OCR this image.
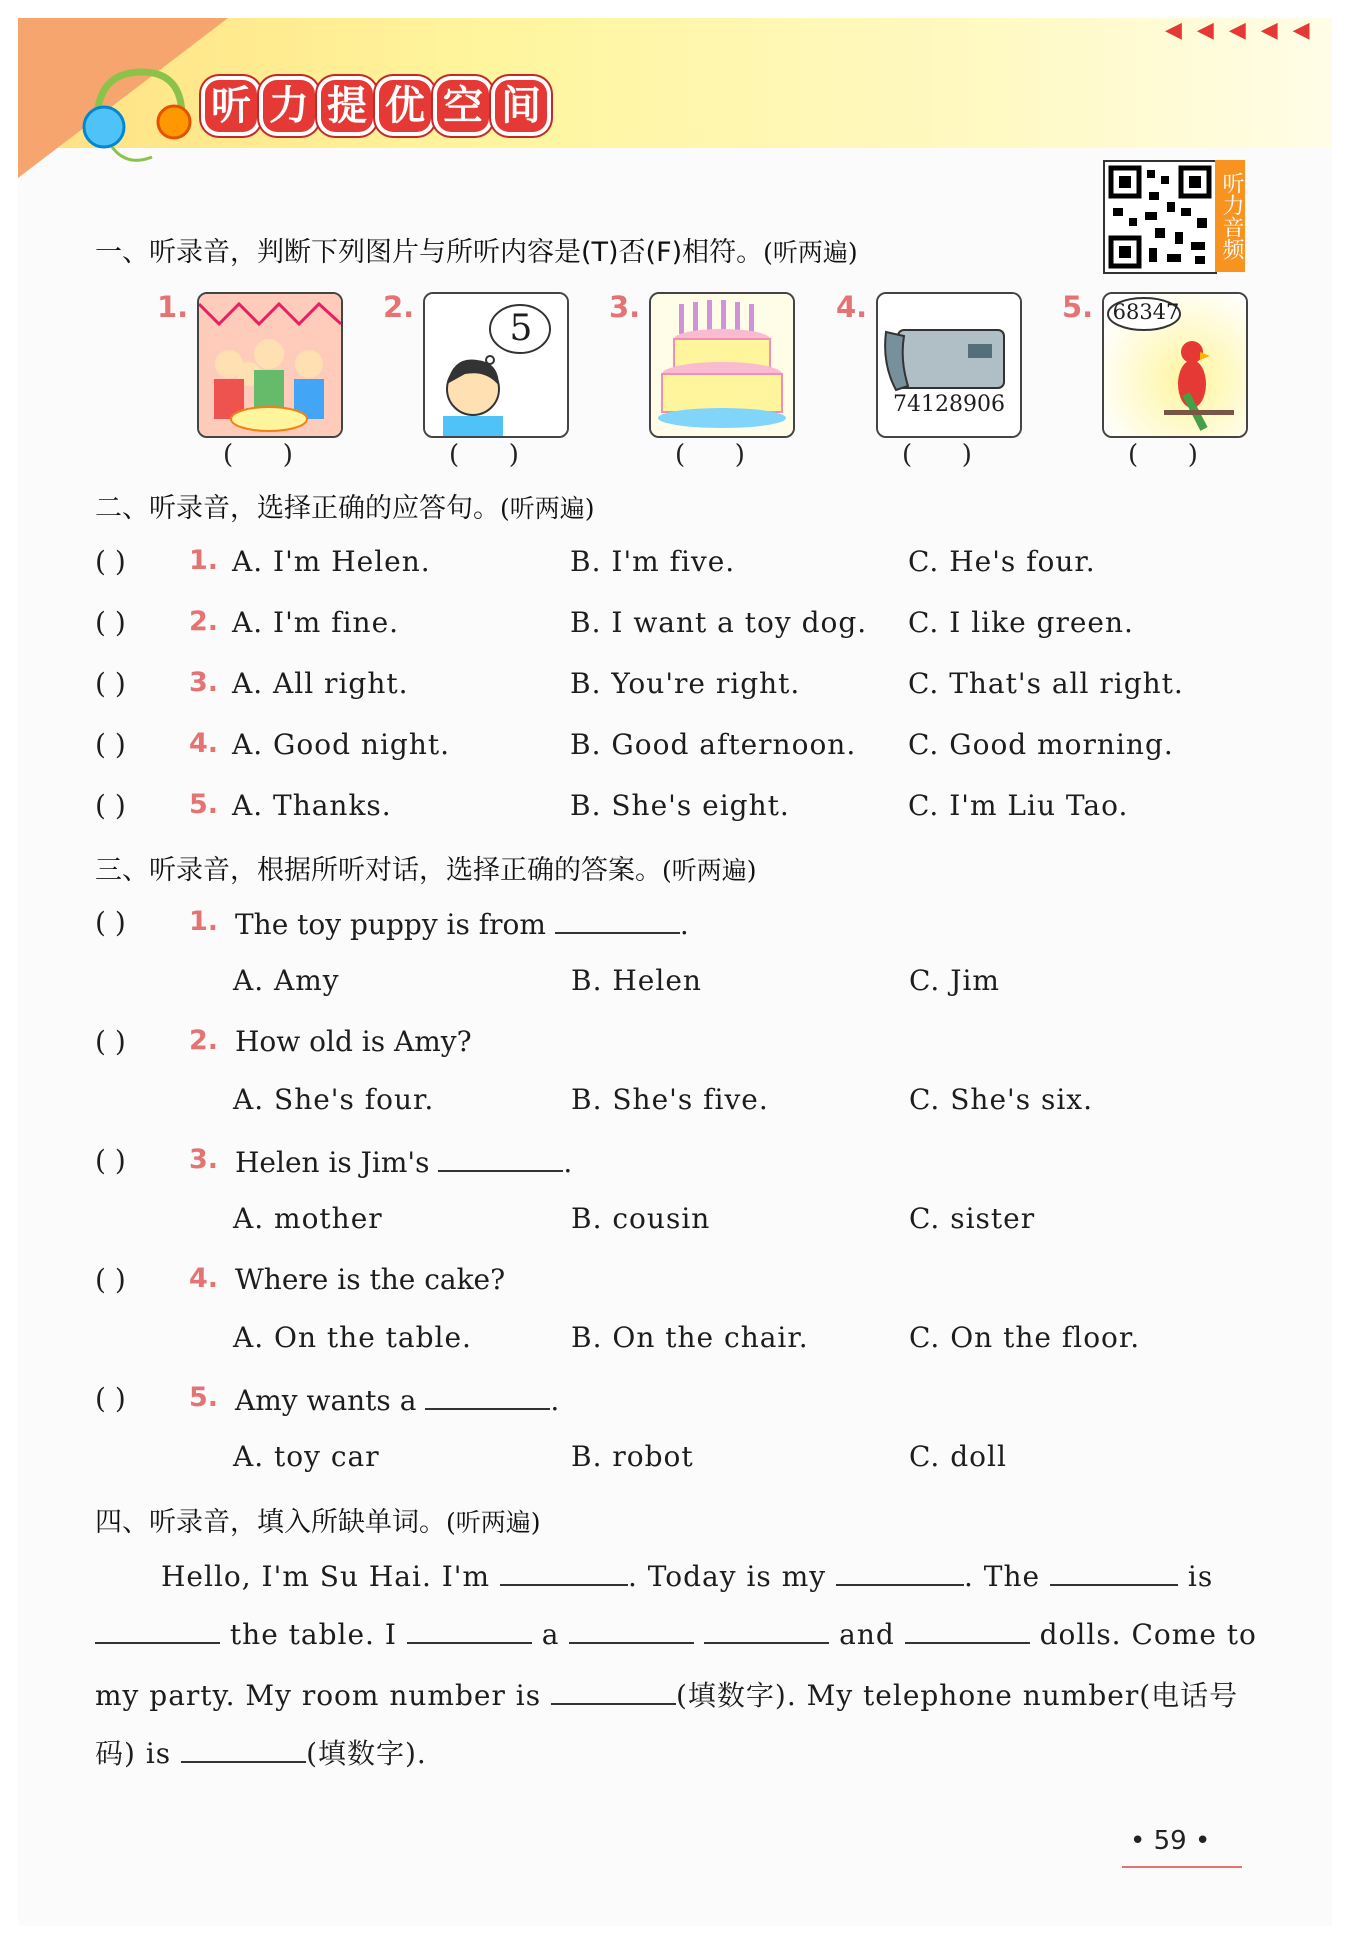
◀ ◀ ◀ ◀ ◀
听 力 提 优 空 间
听力音频
一、听录音，判断下列图片与所听内容是(T)否(F)相符。(听两遍)
1.
(      )
2.
5
(      )
3.
(      )
4.
74128906
(      )
5. 68347
(      )
二、听录音，选择正确的应答句。(听两遍)
( ) 1. A. I'm Helen.	B. I'm five.	C. He's four.
( ) 2. A. I'm fine.	B. I want a toy dog. C. I like green.
( ) 3. A. All right.	B. You're right.	C. That's all right.
( ) 4. A. Good night.	B. Good afternoon. C. Good morning.
( ) 5. A. Thanks.	B. She's eight.	C. I'm Liu Tao.
三、听录音，根据所听对话，选择正确的答案。(听两遍)
( ) 1. The toy puppy is from	.
A. Amy	B. Helen	C. Jim
( ) 2. How old is Amy?
A. She's four.	B. She's five.	C. She's six.
( ) 3. Helen is Jim's	.
A. mother	B. cousin	C. sister
( ) 4. Where is the cake?
A. On the table.	B. On the chair.	C. On the floor.
( ) 5. Amy wants a	.
A. toy car	B. robot	C. doll
四、听录音，填入所缺单词。(听两遍)
Hello, I'm Su Hai. I'm	. Today is my	. The	is
the table. I	a	and	dolls. Come to
my party. My room number is	(填数字). My telephone number(电话号
码) is	(填数字).
• 59 •
